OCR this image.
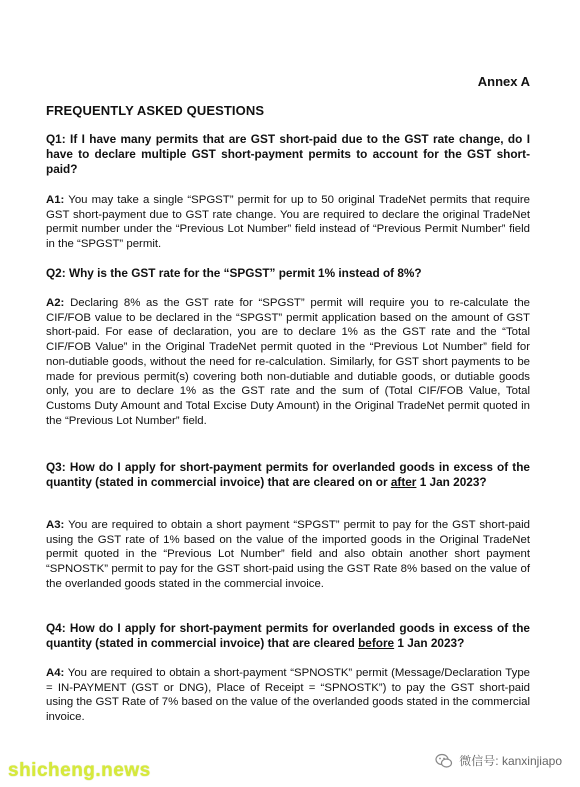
Annex A
FREQUENTLY ASKED QUESTIONS
Q1: If I have many permits that are GST short-paid due to the GST rate change, do I have to declare multiple GST short-payment permits to account for the GST short-paid?
A1: You may take a single “SPGST” permit for up to 50 original TradeNet permits that require GST short-payment due to GST rate change. You are required to declare the original TradeNet permit number under the “Previous Lot Number” field instead of “Previous Permit Number” field in the “SPGST” permit.
Q2: Why is the GST rate for the “SPGST” permit 1% instead of 8%?
A2: Declaring 8% as the GST rate for “SPGST” permit will require you to re-calculate the CIF/FOB value to be declared in the “SPGST” permit application based on the amount of GST short-paid. For ease of declaration, you are to declare 1% as the GST rate and the “Total CIF/FOB Value” in the Original TradeNet permit quoted in the “Previous Lot Number” field for non-dutiable goods, without the need for re-calculation. Similarly, for GST short payments to be made for previous permit(s) covering both non-dutiable and dutiable goods, or dutiable goods only, you are to declare 1% as the GST rate and the sum of (Total CIF/FOB Value, Total Customs Duty Amount and Total Excise Duty Amount) in the Original TradeNet permit quoted in the “Previous Lot Number” field.
Q3: How do I apply for short-payment permits for overlanded goods in excess of the quantity (stated in commercial invoice) that are cleared on or after 1 Jan 2023?
A3: You are required to obtain a short payment “SPGST” permit to pay for the GST short-paid using the GST rate of 1% based on the value of the imported goods in the Original TradeNet permit quoted in the “Previous Lot Number” field and also obtain another short payment “SPNOSTK” permit to pay for the GST short-paid using the GST Rate 8% based on the value of the overlanded goods stated in the commercial invoice.
Q4: How do I apply for short-payment permits for overlanded goods in excess of the quantity (stated in commercial invoice) that are cleared before 1 Jan 2023?
A4: You are required to obtain a short-payment “SPNOSTK” permit (Message/Declaration Type = IN-PAYMENT (GST or DNG), Place of Receipt = “SPNOSTK”) to pay the GST short-paid using the GST Rate of 7% based on the value of the overlanded goods stated in the commercial invoice.
shicheng.news	微信号: kanxinjiapo
